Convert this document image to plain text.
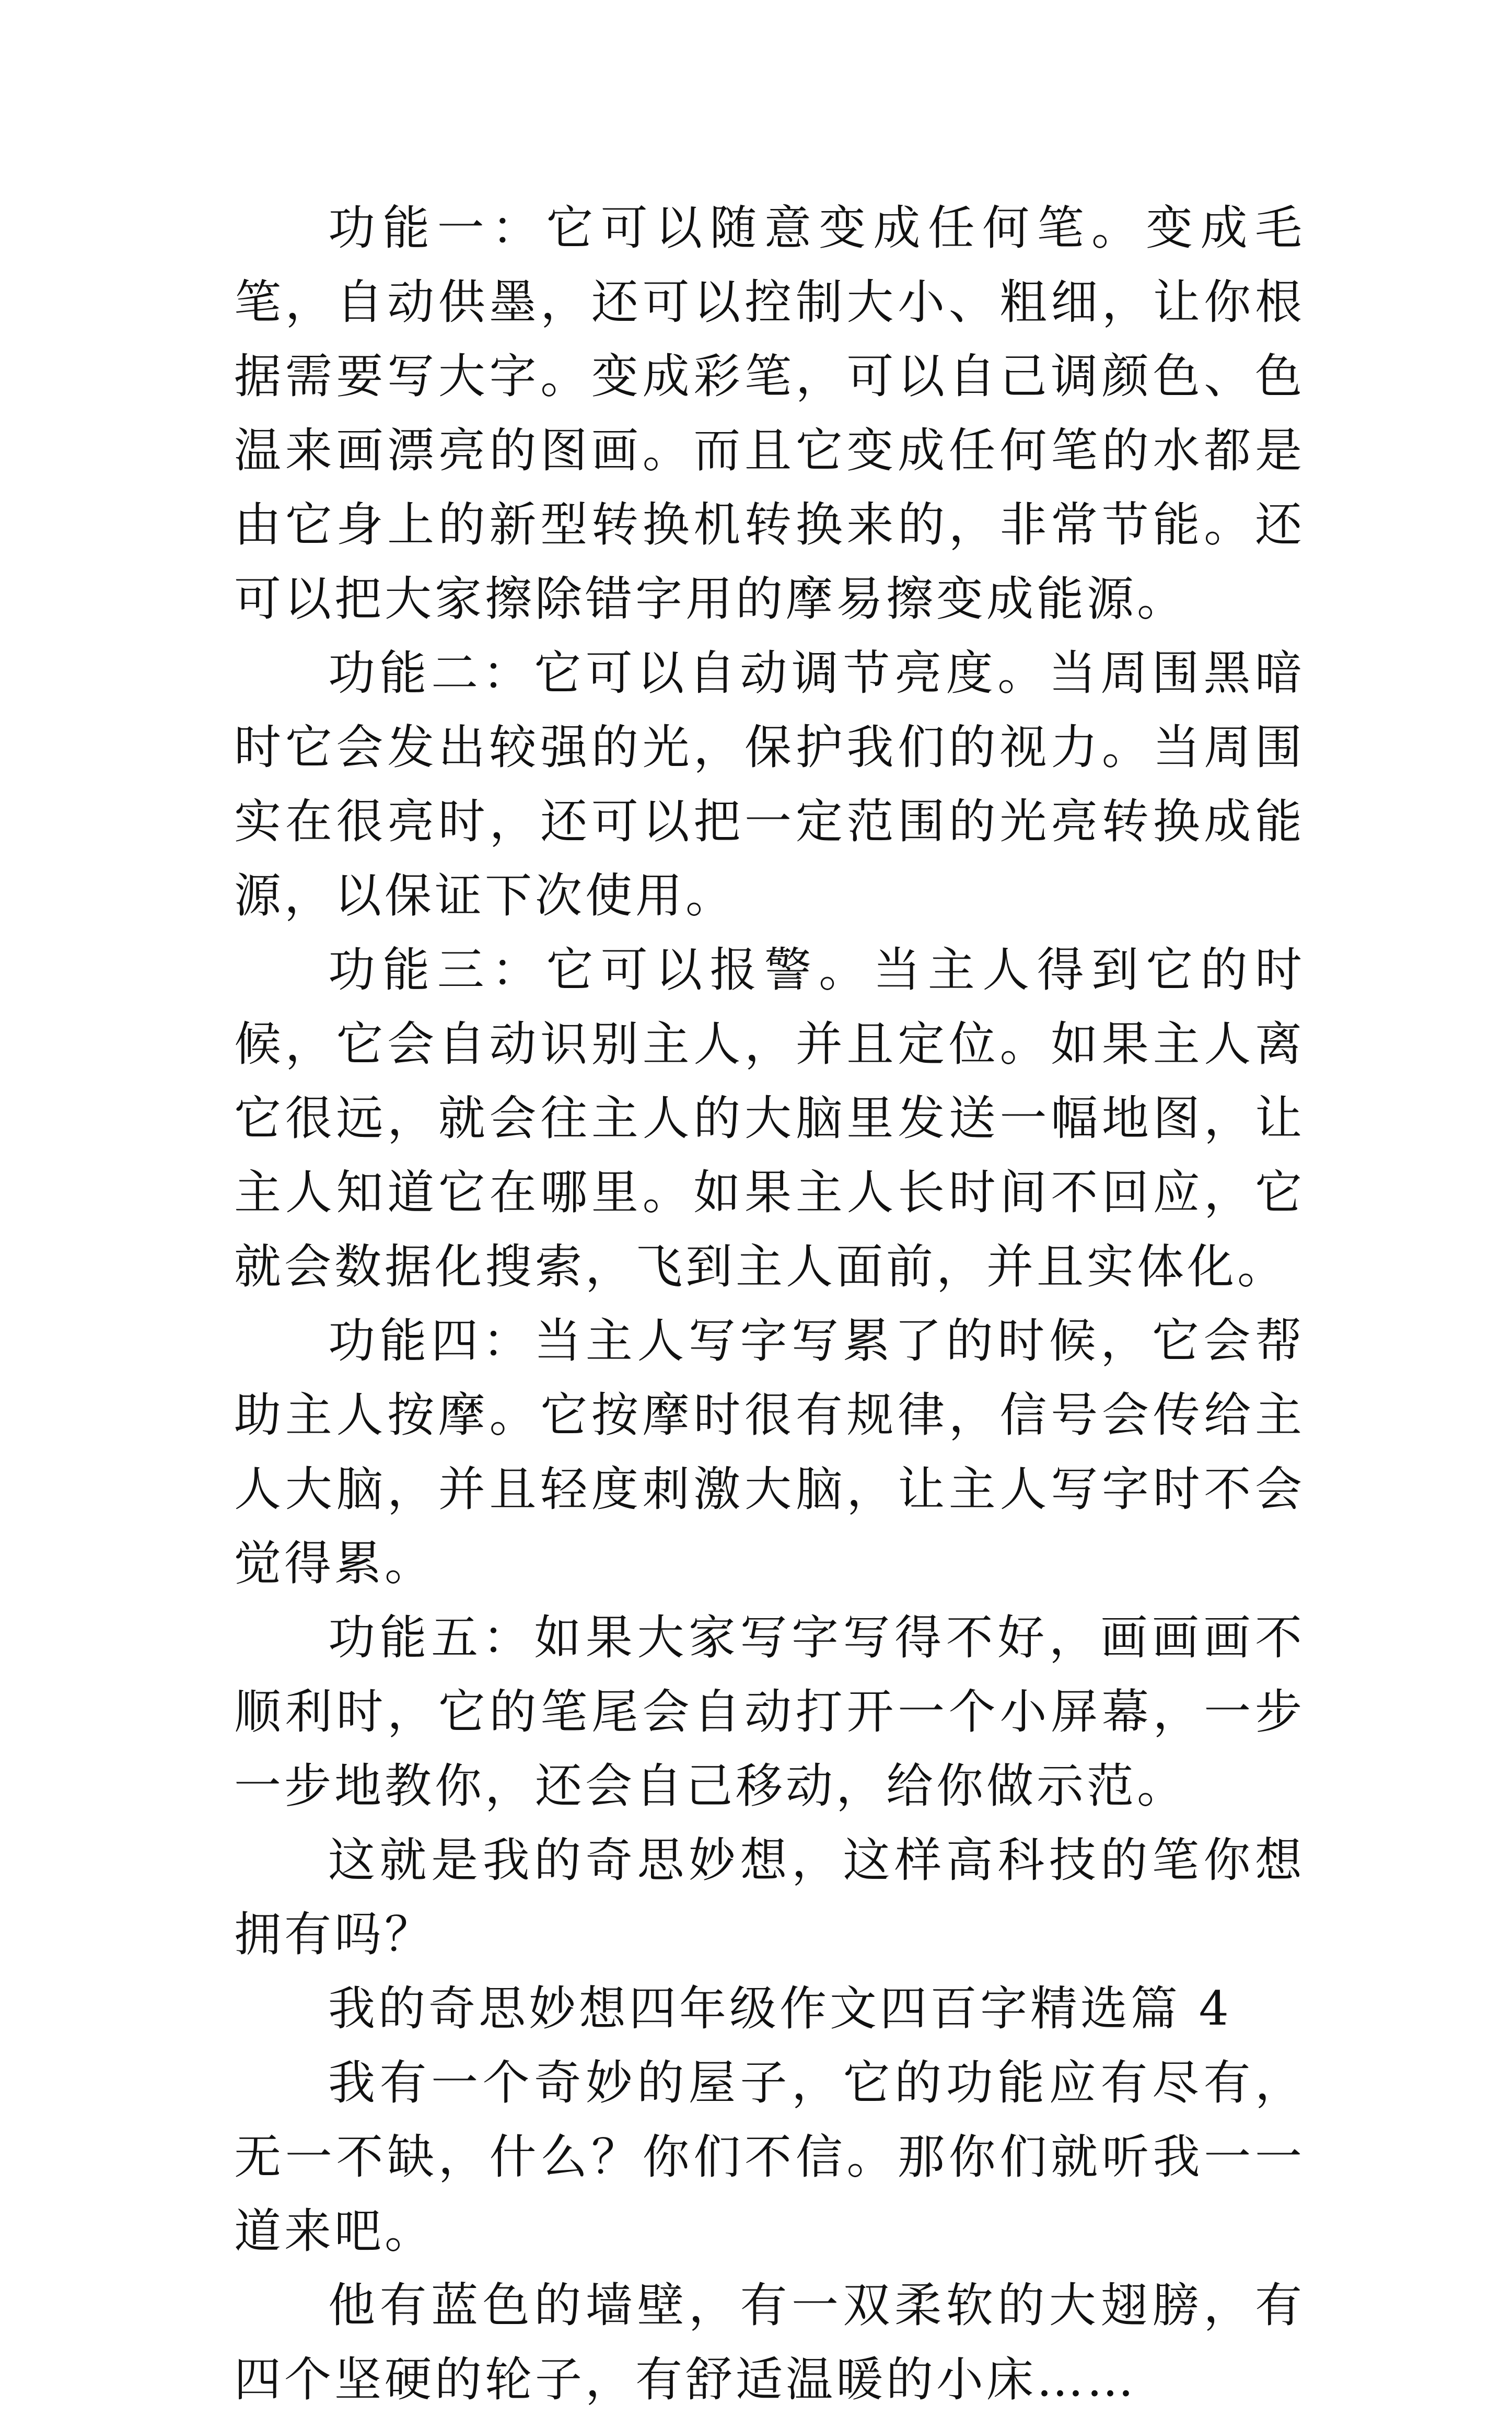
功能一：它可以随意变成任何笔。变成毛笔，自动供墨，还可以控制大小、粗细，让你根据需要写大字。变成彩笔，可以自己调颜色、色温来画漂亮的图画。而且它变成任何笔的水都是由它身上的新型转换机转换来的，非常节能。还可以把大家擦除错字用的摩易擦变成能源。

功能二：它可以自动调节亮度。当周围黑暗时它会发出较强的光，保护我们的视力。当周围实在很亮时，还可以把一定范围的光亮转换成能源，以保证下次使用。

功能三：它可以报警。当主人得到它的时候，它会自动识别主人，并且定位。如果主人离它很远，就会往主人的大脑里发送一幅地图，让主人知道它在哪里。如果主人长时间不回应，它就会数据化搜索，飞到主人面前，并且实体化。

功能四：当主人写字写累了的时候，它会帮助主人按摩。它按摩时很有规律，信号会传给主人大脑，并且轻度刺激大脑，让主人写字时不会觉得累。

功能五：如果大家写字写得不好，画画画不顺利时，它的笔尾会自动打开一个小屏幕，一步一步地教你，还会自己移动，给你做示范。

这就是我的奇思妙想，这样高科技的笔你想拥有吗？

我的奇思妙想四年级作文四百字精选篇 4

我有一个奇妙的屋子，它的功能应有尽有，无一不缺，什么？你们不信。那你们就听我一一道来吧。

他有蓝色的墙壁，有一双柔软的大翅膀，有四个坚硬的轮子，有舒适温暖的小床……
